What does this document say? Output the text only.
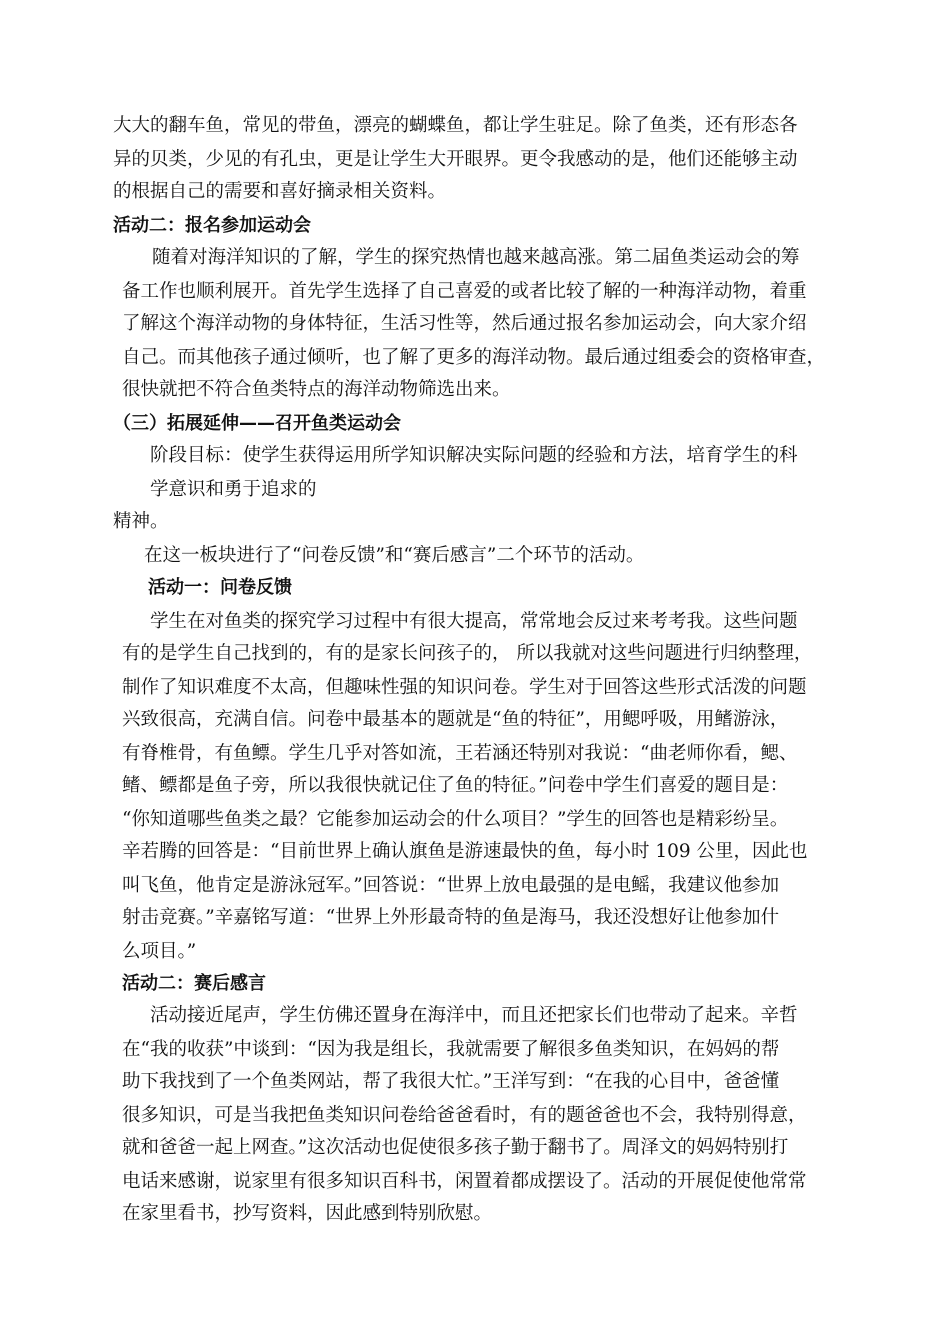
大大的翻车鱼，常见的带鱼，漂亮的蝴蝶鱼，都让学生驻足。除了鱼类，还有形态各

异的贝类，少见的有孔虫，更是让学生大开眼界。更令我感动的是，他们还能够主动

的根据自己的需要和喜好摘录相关资料。

活动二：报名参加运动会

随着对海洋知识的了解，学生的探究热情也越来越高涨。第二届鱼类运动会的筹

备工作也顺利展开。首先学生选择了自己喜爱的或者比较了解的一种海洋动物，着重

了解这个海洋动物的身体特征，生活习性等，然后通过报名参加运动会，向大家介绍

自己。而其他孩子通过倾听，也了解了更多的海洋动物。最后通过组委会的资格审查，

很快就把不符合鱼类特点的海洋动物筛选出来。

（三）拓展延伸——召开鱼类运动会

阶段目标：使学生获得运用所学知识解决实际问题的经验和方法，培育学生的科

学意识和勇于追求的

精神。

在这一板块进行了“问卷反馈”和“赛后感言”二个环节的活动。

活动一：问卷反馈

学生在对鱼类的探究学习过程中有很大提高，常常地会反过来考考我。这些问题

有的是学生自己找到的，有的是家长问孩子的， 所以我就对这些问题进行归纳整理，

制作了知识难度不太高，但趣味性强的知识问卷。学生对于回答这些形式活泼的问题

兴致很高，充满自信。问卷中最基本的题就是“鱼的特征”，用鳃呼吸，用鳍游泳，

有脊椎骨，有鱼鳔。学生几乎对答如流，王若涵还特别对我说：“曲老师你看，鳃、

鳍、鳔都是鱼子旁，所以我很快就记住了鱼的特征。”问卷中学生们喜爱的题目是：

“你知道哪些鱼类之最？它能参加运动会的什么项目？”学生的回答也是精彩纷呈。

辛若腾的回答是：“目前世界上确认旗鱼是游速最快的鱼，每小时 109 公里，因此也

叫飞鱼，他肯定是游泳冠军。”回答说：“世界上放电最强的是电鳐，我建议他参加

射击竞赛。”辛嘉铭写道：“世界上外形最奇特的鱼是海马，我还没想好让他参加什

么项目。”

活动二：赛后感言

活动接近尾声，学生仿佛还置身在海洋中，而且还把家长们也带动了起来。辛哲

在“我的收获”中谈到：“因为我是组长，我就需要了解很多鱼类知识，在妈妈的帮

助下我找到了一个鱼类网站，帮了我很大忙。”王洋写到：“在我的心目中，爸爸懂

很多知识，可是当我把鱼类知识问卷给爸爸看时，有的题爸爸也不会，我特别得意，

就和爸爸一起上网查。”这次活动也促使很多孩子勤于翻书了。周泽文的妈妈特别打

电话来感谢，说家里有很多知识百科书，闲置着都成摆设了。活动的开展促使他常常

在家里看书，抄写资料，因此感到特别欣慰。
